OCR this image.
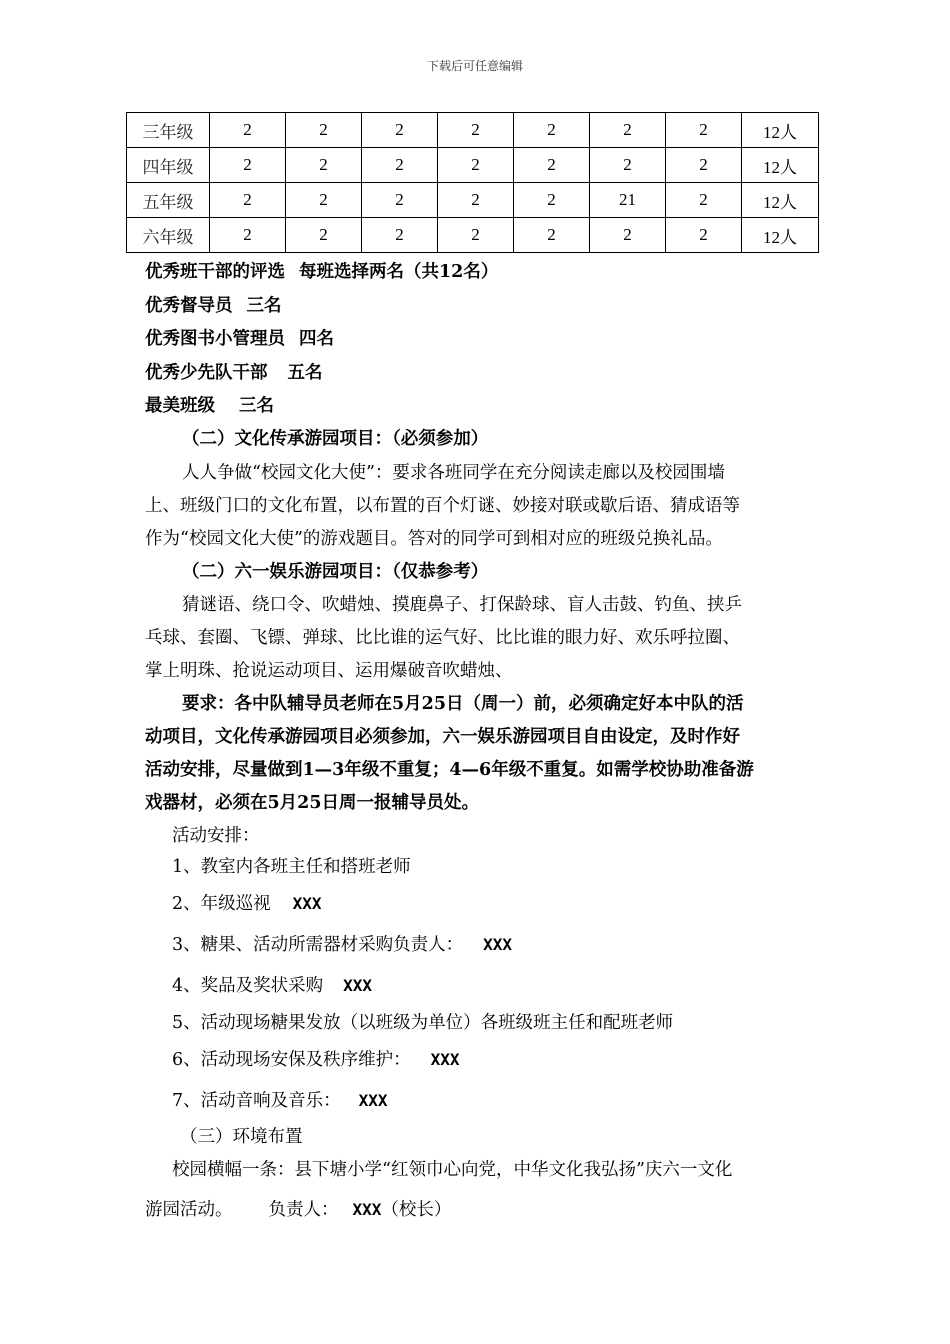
下载后可任意编辑
三年级	2	2	2	2	2	2	2	12人
四年级	2	2	2	2	2	2	2	12人
五年级	2	2	2	2	2	21	2	12人
六年级	2	2	2	2	2	2	2	12人
优秀班干部的评选 每班选择两名（共12名）
优秀督导员 三名
优秀图书小管理员 四名
优秀少先队干部 五名
最美班级 三名
（二）文化传承游园项目：（必须参加）
人人争做“校园文化大使”：要求各班同学在充分阅读走廊以及校园围墙
上、班级门口的文化布置，以布置的百个灯谜、妙接对联或歇后语、猜成语等
作为“校园文化大使”的游戏题目。答对的同学可到相对应的班级兑换礼品。
（二）六一娱乐游园项目：（仅恭参考）
猜谜语、绕口令、吹蜡烛、摸鹿鼻子、打保龄球、盲人击鼓、钓鱼、挟乒
乓球、套圈、飞镖、弹球、比比谁的运气好、比比谁的眼力好、欢乐呼拉圈、
掌上明珠、抢说运动项目、运用爆破音吹蜡烛、
要求：各中队辅导员老师在5月25日（周一）前，必须确定好本中队的活
动项目，文化传承游园项目必须参加，六一娱乐游园项目自由设定，及时作好
活动安排，尽量做到1—3年级不重复；4—6年级不重复。如需学校协助准备游
戏器材，必须在5月25日周一报辅导员处。
活动安排：
1、教室内各班主任和搭班老师
2、年级巡视 XXX
3、糖果、活动所需器材采购负责人： XXX
4、奖品及奖状采购 XXX
5、活动现场糖果发放（以班级为单位）各班级班主任和配班老师
6、活动现场安保及秩序维护： XXX
7、活动音响及音乐： XXX
（三）环境布置
校园横幅一条：县下塘小学“红领巾心向党，中华文化我弘扬”庆六一文化
游园活动。 负责人： XXX（校长）
